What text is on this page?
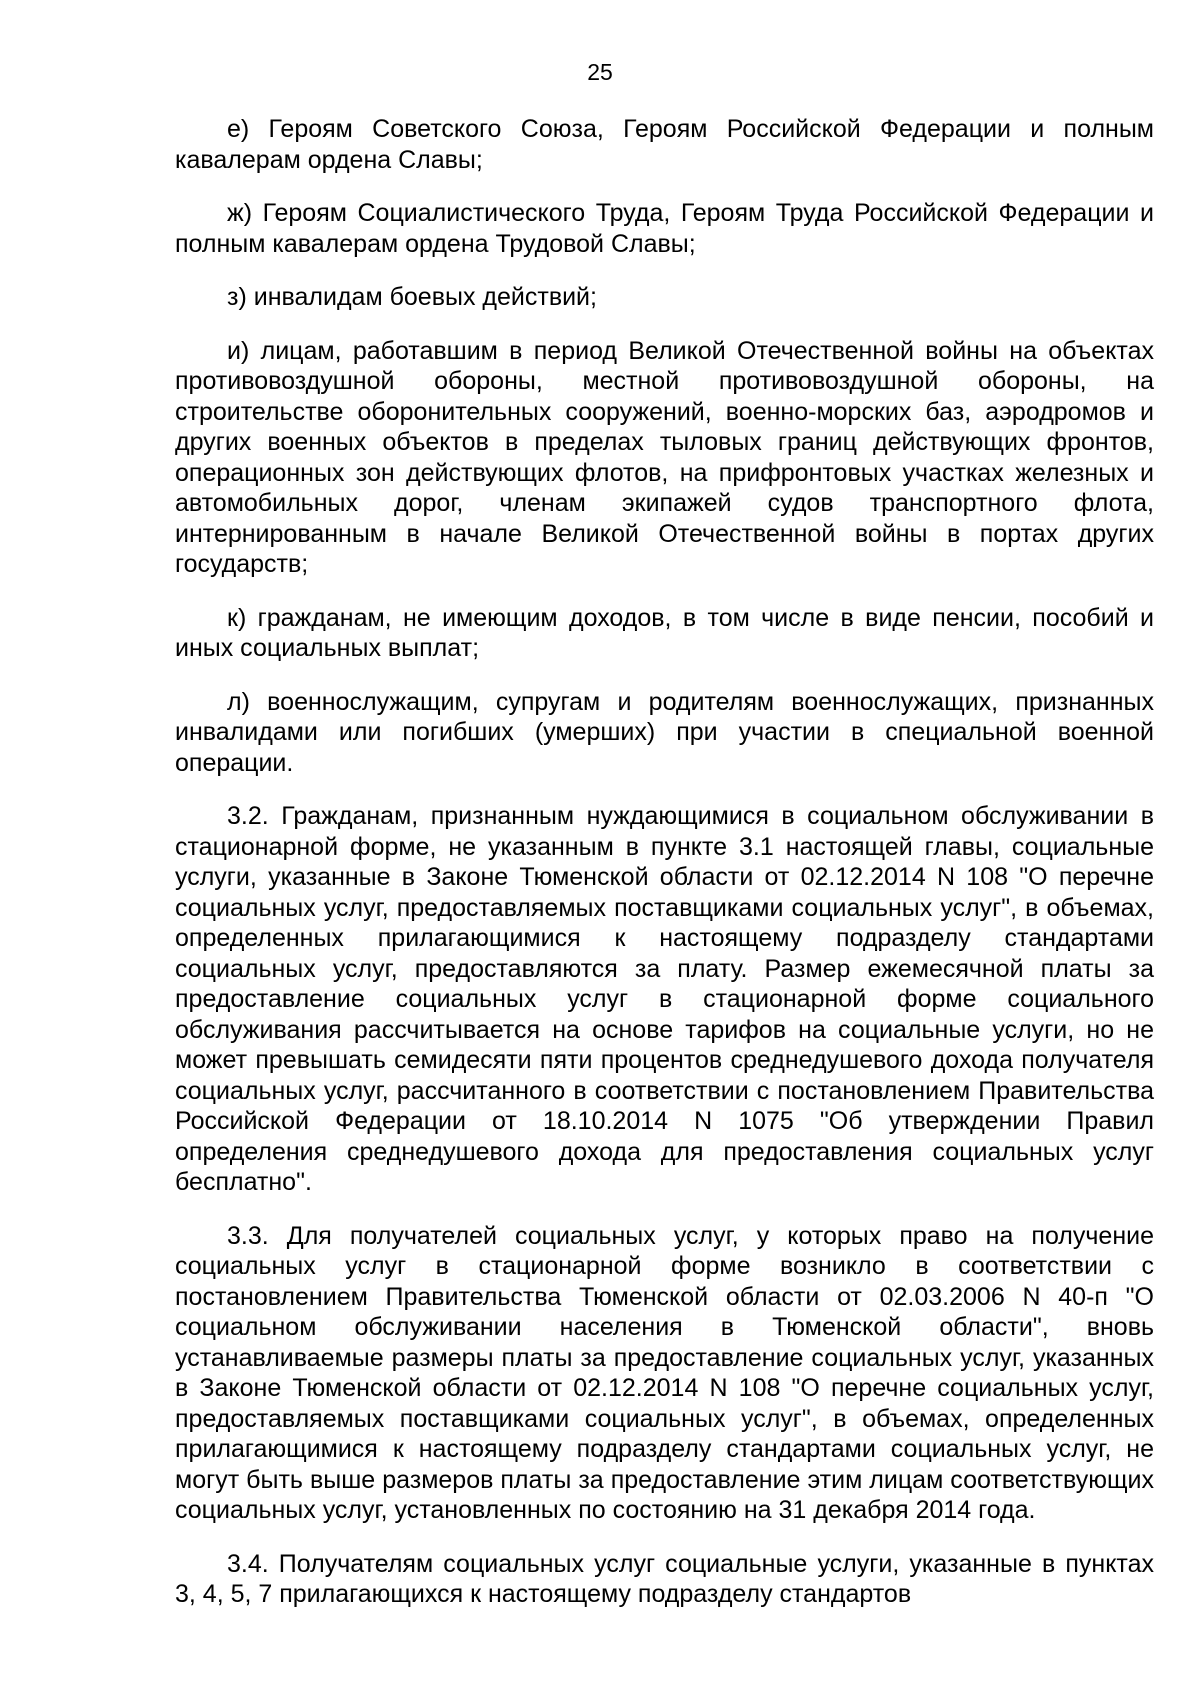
25

е) Героям Советского Союза, Героям Российской Федерации и полным кавалерам ордена Славы;

ж) Героям Социалистического Труда, Героям Труда Российской Федерации и полным кавалерам ордена Трудовой Славы;

з) инвалидам боевых действий;

и) лицам, работавшим в период Великой Отечественной войны на объектах противовоздушной обороны, местной противовоздушной обороны, на строительстве оборонительных сооружений, военно-морских баз, аэродромов и других военных объектов в пределах тыловых границ действующих фронтов, операционных зон действующих флотов, на прифронтовых участках железных и автомобильных дорог, членам экипажей судов транспортного флота, интернированным в начале Великой Отечественной войны в портах других государств;

к) гражданам, не имеющим доходов, в том числе в виде пенсии, пособий и иных социальных выплат;

л) военнослужащим, супругам и родителям военнослужащих, признанных инвалидами или погибших (умерших) при участии в специальной военной операции.

3.2. Гражданам, признанным нуждающимися в социальном обслуживании в стационарной форме, не указанным в пункте 3.1 настоящей главы, социальные услуги, указанные в Законе Тюменской области от 02.12.2014 N 108 "О перечне социальных услуг, предоставляемых поставщиками социальных услуг", в объемах, определенных прилагающимися к настоящему подразделу стандартами социальных услуг, предоставляются за плату. Размер ежемесячной платы за предоставление социальных услуг в стационарной форме социального обслуживания рассчитывается на основе тарифов на социальные услуги, но не может превышать семидесяти пяти процентов среднедушевого дохода получателя социальных услуг, рассчитанного в соответствии с постановлением Правительства Российской Федерации от 18.10.2014 N 1075 "Об утверждении Правил определения среднедушевого дохода для предоставления социальных услуг бесплатно".

3.3. Для получателей социальных услуг, у которых право на получение социальных услуг в стационарной форме возникло в соответствии с постановлением Правительства Тюменской области от 02.03.2006 N 40-п "О социальном обслуживании населения в Тюменской области", вновь устанавливаемые размеры платы за предоставление социальных услуг, указанных в Законе Тюменской области от 02.12.2014 N 108 "О перечне социальных услуг, предоставляемых поставщиками социальных услуг", в объемах, определенных прилагающимися к настоящему подразделу стандартами социальных услуг, не могут быть выше размеров платы за предоставление этим лицам соответствующих социальных услуг, установленных по состоянию на 31 декабря 2014 года.

3.4. Получателям социальных услуг социальные услуги, указанные в пунктах 3, 4, 5, 7 прилагающихся к настоящему подразделу стандартов
